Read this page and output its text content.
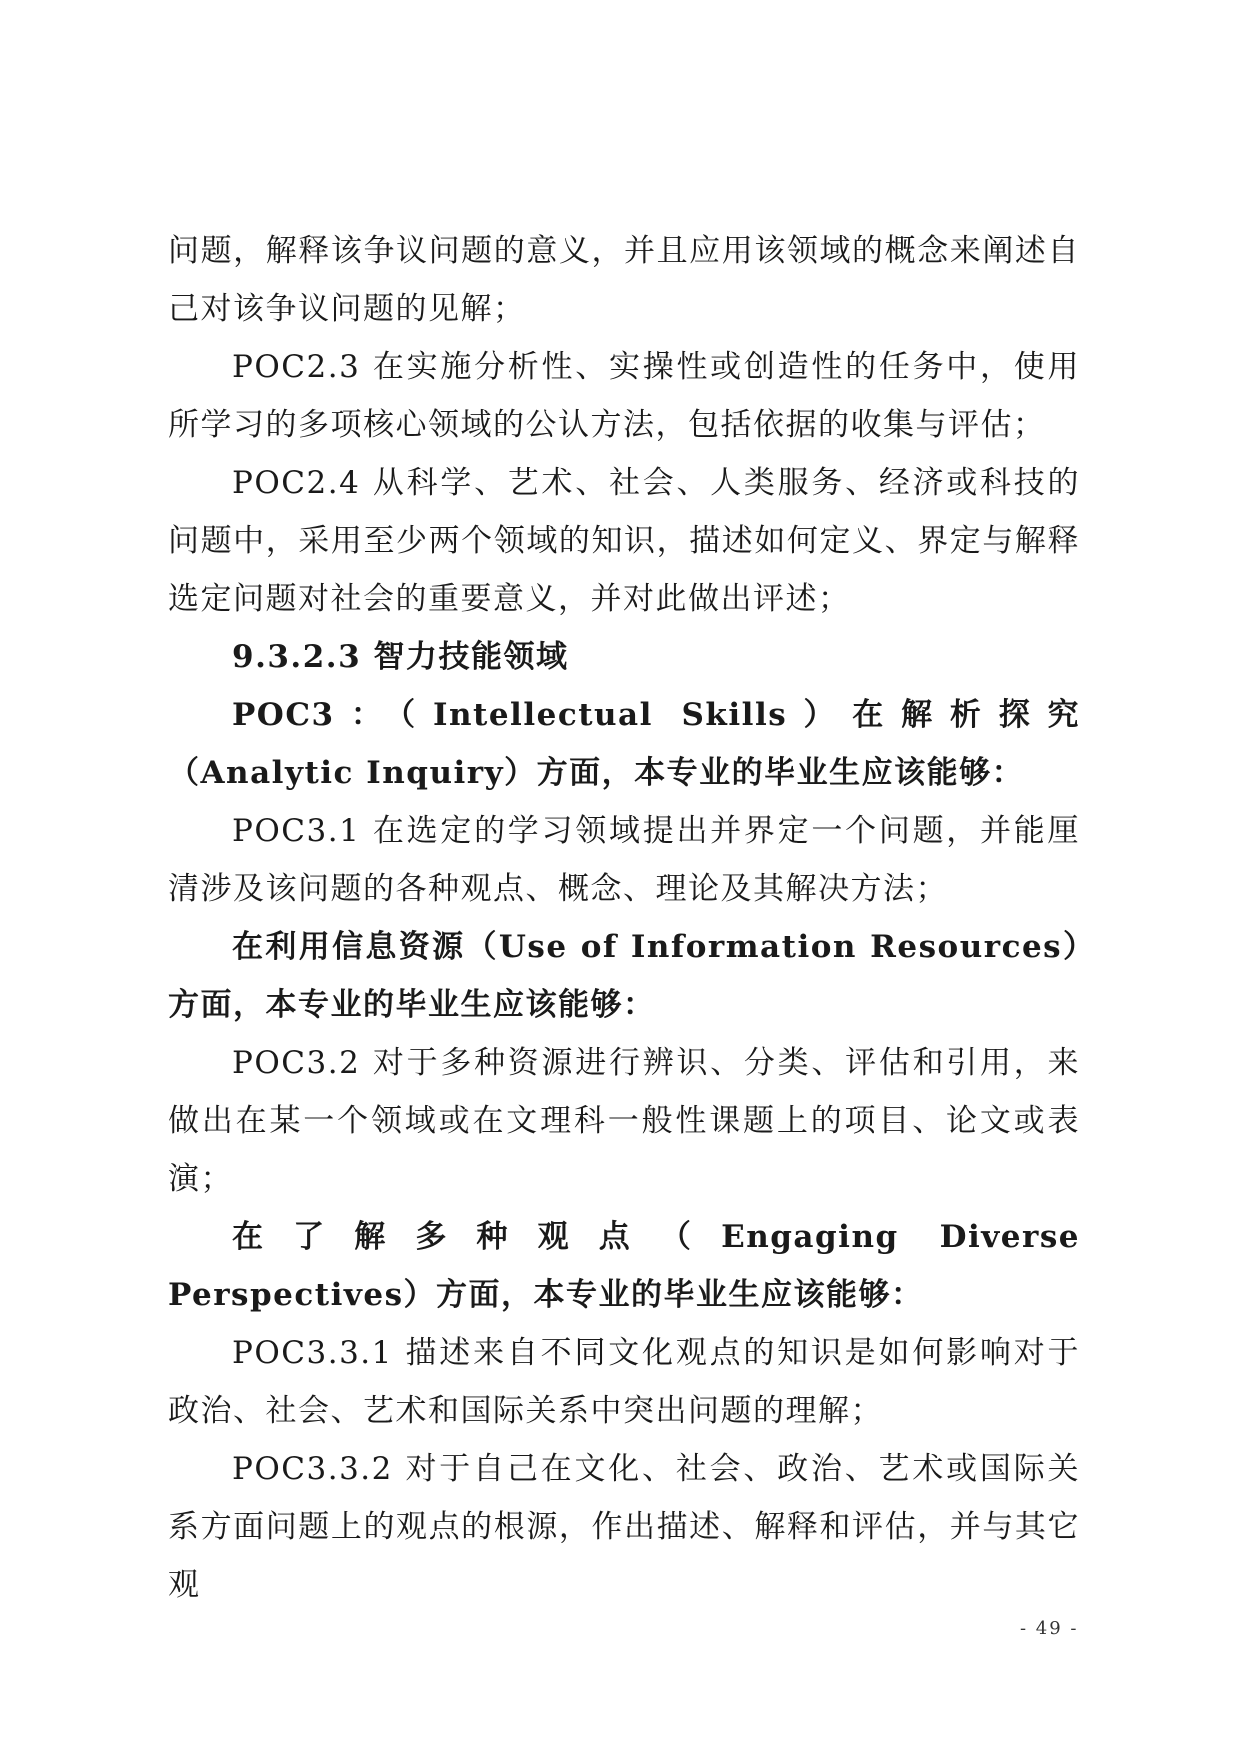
问题，解释该争议问题的意义，并且应用该领域的概念来阐述自己对该争议问题的见解；

POC2.3 在实施分析性、实操性或创造性的任务中，使用所学习的多项核心领域的公认方法，包括依据的收集与评估；

POC2.4 从科学、艺术、社会、人类服务、经济或科技的问题中，采用至少两个领域的知识，描述如何定义、界定与解释选定问题对社会的重要意义，并对此做出评述；

9.3.2.3 智力技能领域

POC3：（Intellectual Skills）在解析探究（Analytic Inquiry）方面，本专业的毕业生应该能够：

POC3.1 在选定的学习领域提出并界定一个问题，并能厘清涉及该问题的各种观点、概念、理论及其解决方法；

在利用信息资源（Use of Information Resources）方面，本专业的毕业生应该能够：

POC3.2 对于多种资源进行辨识、分类、评估和引用，来做出在某一个领域或在文理科一般性课题上的项目、论文或表演；

在了解多种观点（Engaging Diverse Perspectives）方面，本专业的毕业生应该能够：

POC3.3.1 描述来自不同文化观点的知识是如何影响对于政治、社会、艺术和国际关系中突出问题的理解；

POC3.3.2 对于自己在文化、社会、政治、艺术或国际关系方面问题上的观点的根源，作出描述、解释和评估，并与其它观

- 49 -
